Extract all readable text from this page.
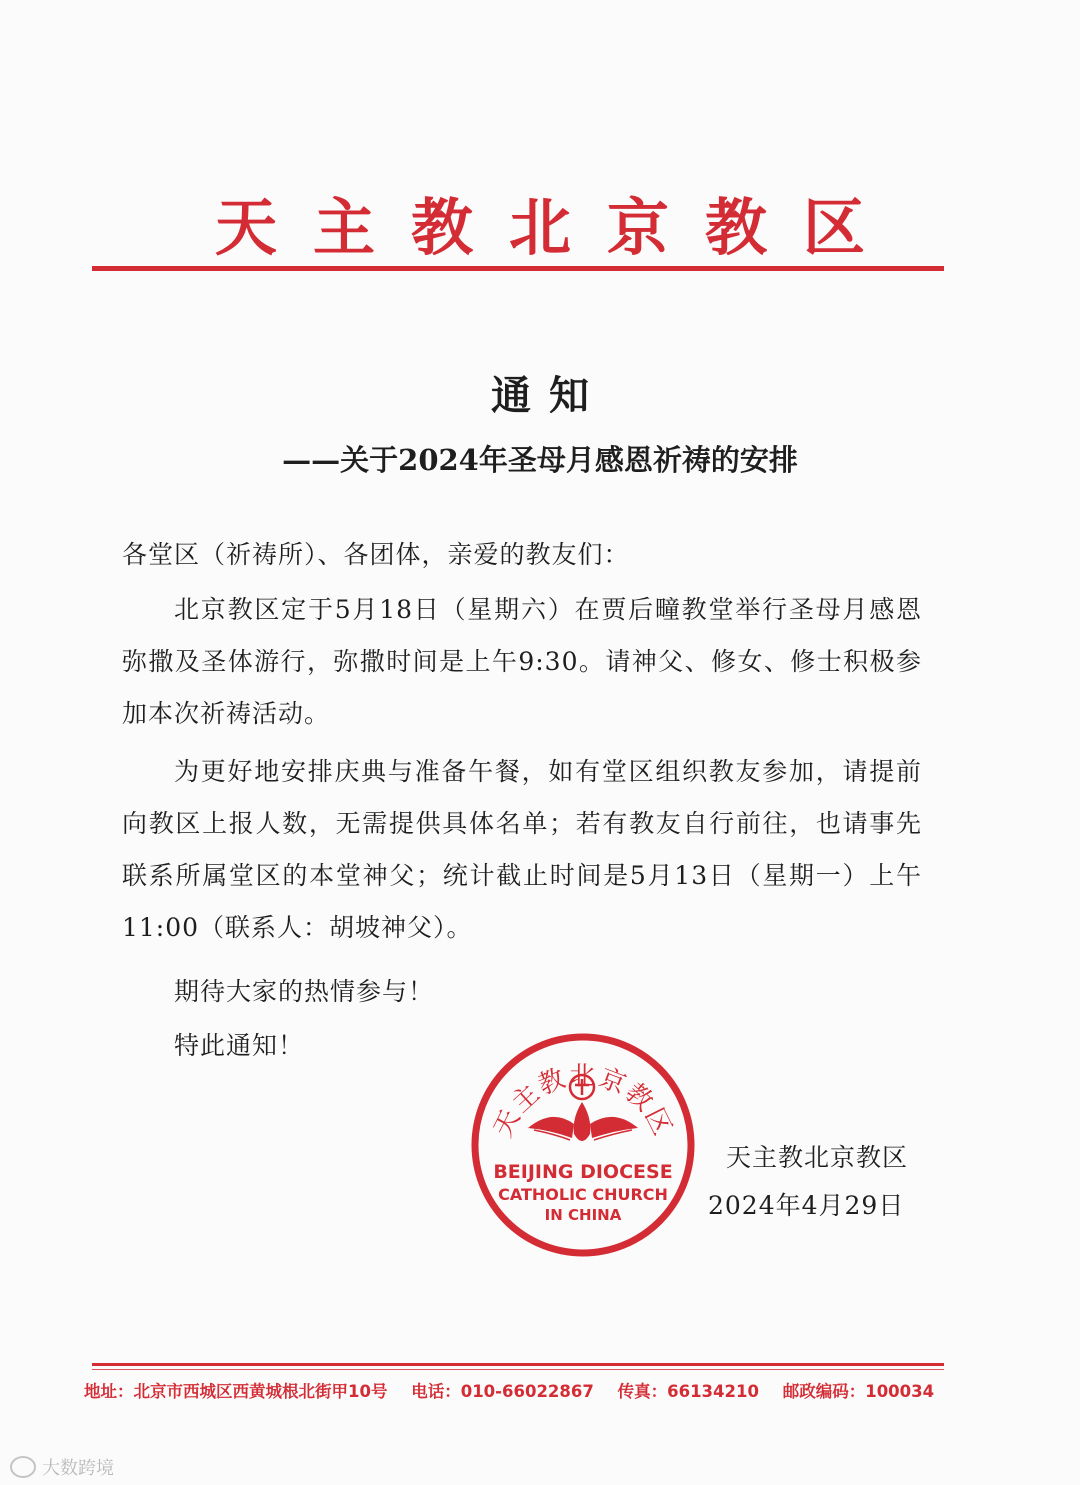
天主教北京教区
通知
——关于2024年圣母月感恩祈祷的安排
各堂区（祈祷所）、各团体，亲爱的教友们：
北京教区定于5月18日（星期六）在贾后疃教堂举行圣母月感恩弥撒及圣体游行，弥撒时间是上午9:30。请神父、修女、修士积极参加本次祈祷活动。
为更好地安排庆典与准备午餐，如有堂区组织教友参加，请提前向教区上报人数，无需提供具体名单；若有教友自行前往，也请事先联系所属堂区的本堂神父；统计截止时间是5月13日（星期一）上午11:00（联系人：胡坡神父）。
期待大家的热情参与！
特此通知！
天主教北京教区
BEIJING DIOCESE
CATHOLIC CHURCH
IN CHINA
天主教北京教区
2024年4月29日
地址：北京市西城区西黄城根北街甲10号 电话：010-66022867 传真：66134210 邮政编码：100034
大数跨境
